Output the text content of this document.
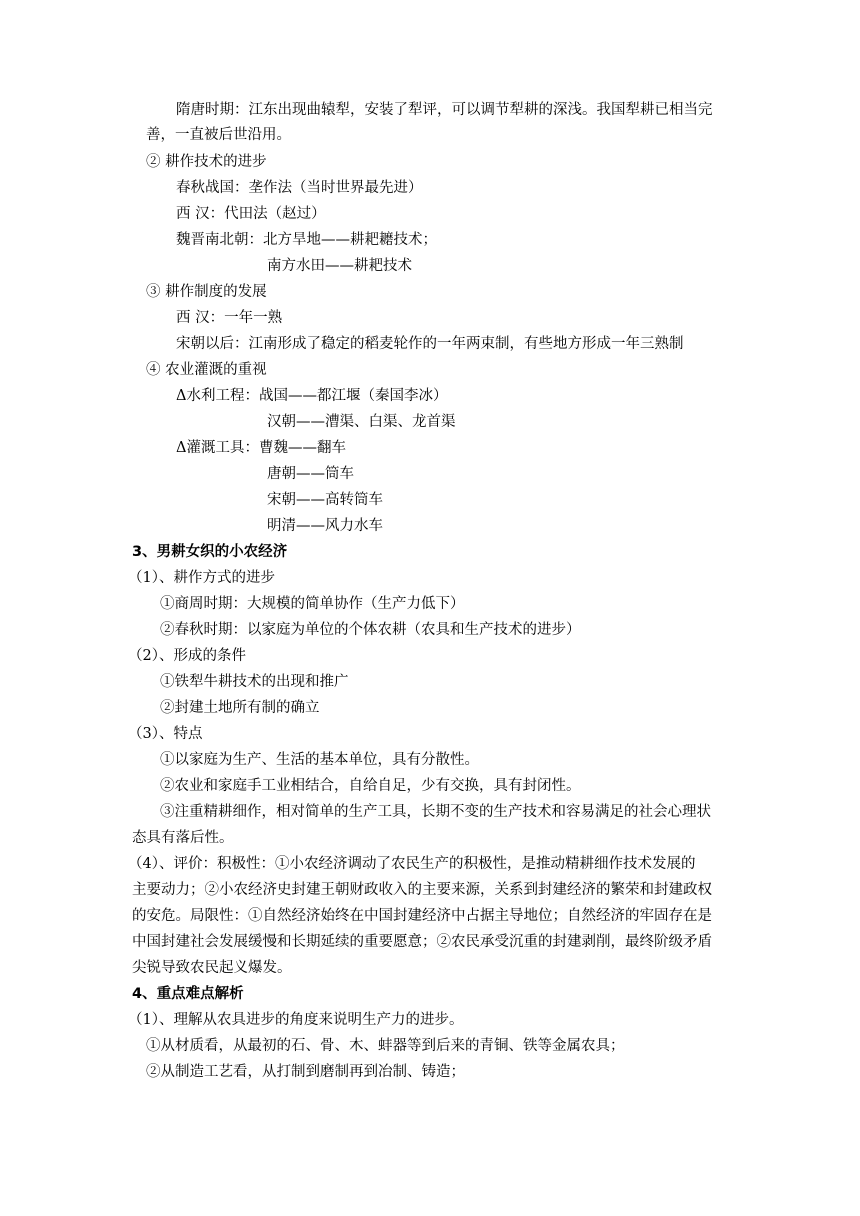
隋唐时期：江东出现曲辕犁，安装了犁评，可以调节犁耕的深浅。我国犁耕已相当完
善，一直被后世沿用。
② 耕作技术的进步
春秋战国：垄作法（当时世界最先进）
西 汉：代田法（赵过）
魏晋南北朝：北方旱地——耕耙耱技术；
南方水田——耕耙技术
③ 耕作制度的发展
西 汉：一年一熟
宋朝以后：江南形成了稳定的稻麦轮作的一年两束制，有些地方形成一年三熟制
④ 农业灌溉的重视
Δ水利工程：战国——都江堰（秦国李冰）
汉朝——漕渠、白渠、龙首渠
Δ灌溉工具：曹魏——翻车
唐朝——筒车
宋朝——高转筒车
明清——风力水车
3、男耕女织的小农经济
（1）、耕作方式的进步
①商周时期：大规模的简单协作（生产力低下）
②春秋时期：以家庭为单位的个体农耕（农具和生产技术的进步）
（2）、形成的条件
①铁犁牛耕技术的出现和推广
②封建土地所有制的确立
（3）、特点
①以家庭为生产、生活的基本单位，具有分散性。
②农业和家庭手工业相结合，自给自足，少有交换，具有封闭性。
③注重精耕细作，相对简单的生产工具，长期不变的生产技术和容易满足的社会心理状
态具有落后性。
（4）、评价：积极性：①小农经济调动了农民生产的积极性，是推动精耕细作技术发展的
主要动力；②小农经济史封建王朝财政收入的主要来源，关系到封建经济的繁荣和封建政权
的安危。局限性：①自然经济始终在中国封建经济中占据主导地位；自然经济的牢固存在是
中国封建社会发展缓慢和长期延续的重要愿意；②农民承受沉重的封建剥削，最终阶级矛盾
尖锐导致农民起义爆发。
4、重点难点解析
（1）、理解从农具进步的角度来说明生产力的进步。
①从材质看，从最初的石、骨、木、蚌器等到后来的青铜、铁等金属农具；
②从制造工艺看，从打制到磨制再到冶制、铸造；
